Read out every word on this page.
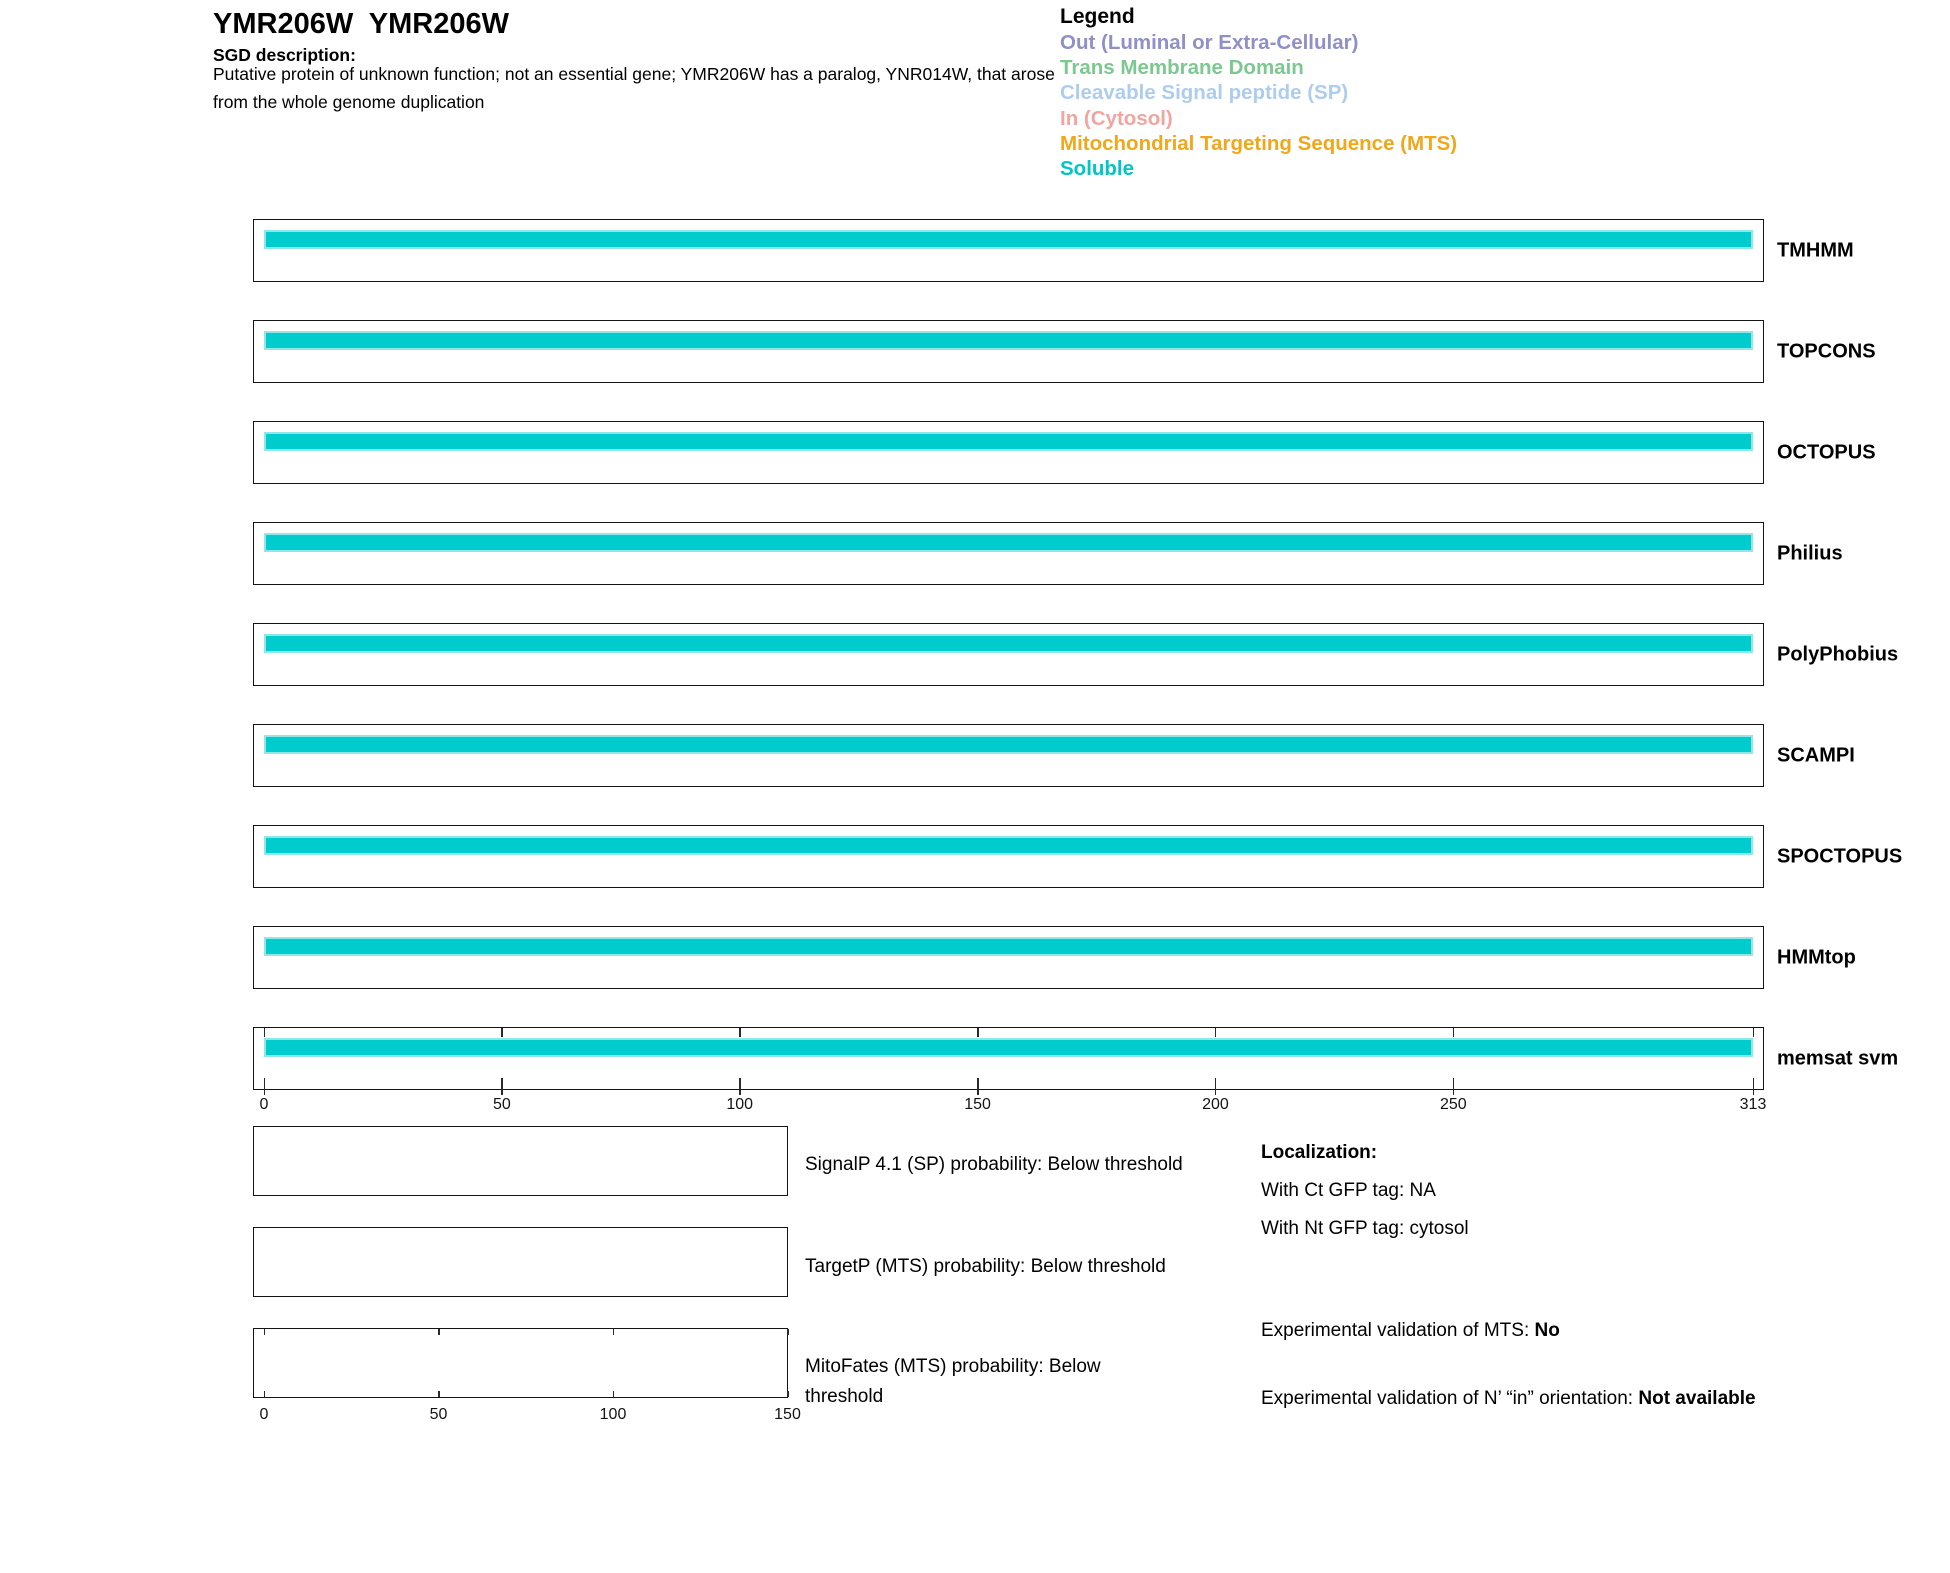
YMR206W  YMR206W
SGD description:
Putative protein of unknown function; not an essential gene; YMR206W has a paralog, YNR014W, that arose
from the whole genome duplication
Legend
Out (Luminal or Extra-Cellular)
Trans Membrane Domain
Cleavable Signal peptide (SP)
In (Cytosol)
Mitochondrial Targeting Sequence (MTS)
Soluble
TMHMM
TOPCONS
OCTOPUS
Philius
PolyPhobius
SCAMPI
SPOCTOPUS
HMMtop
memsat svm
0	50	100	150	200	250	313
SignalP 4.1 (SP) probability: Below threshold
TargetP (MTS) probability: Below threshold
0	50	100	150
MitoFates (MTS) probability: Below
threshold
Localization:
With Ct GFP tag: NA
With Nt GFP tag: cytosol
Experimental validation of MTS: No
Experimental validation of N’ “in” orientation: Not available
